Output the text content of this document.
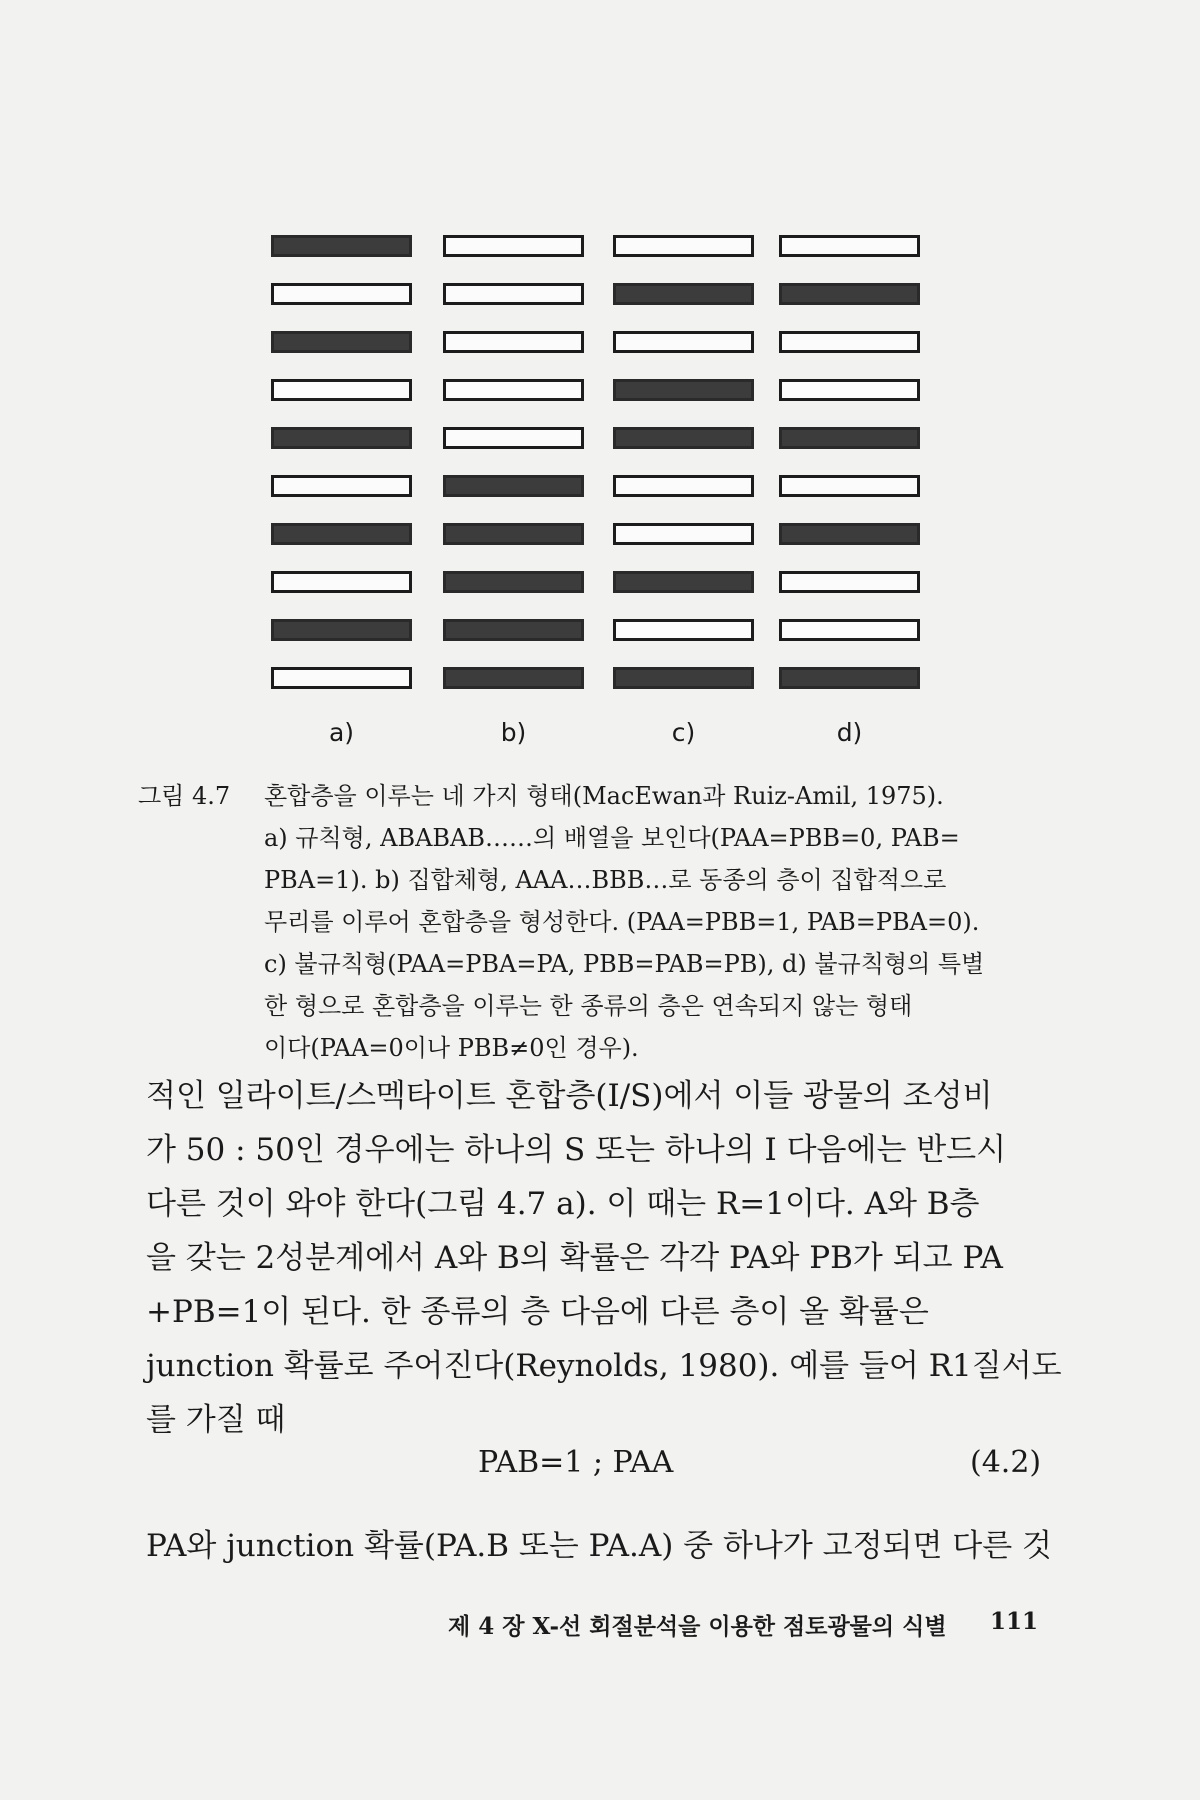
a)	b)	c)	d)
그림 4.7 혼합층을 이루는 네 가지 형태(MacEwan과 Ruiz-Amil, 1975).
a) 규칙형, ABABAB……의 배열을 보인다(PAA=PBB=0, PAB=
PBA=1). b) 집합체형, AAA…BBB…로 동종의 층이 집합적으로
무리를 이루어 혼합층을 형성한다. (PAA=PBB=1, PAB=PBA=0).
c) 불규칙형(PAA=PBA=PA, PBB=PAB=PB), d) 불규칙형의 특별
한 형으로 혼합층을 이루는 한 종류의 층은 연속되지 않는 형태
이다(PAA=0이나 PBB≠0인 경우).
적인 일라이트/스멕타이트 혼합층(I/S)에서 이들 광물의 조성비
가 50 : 50인 경우에는 하나의 S 또는 하나의 I 다음에는 반드시
다른 것이 와야 한다(그림 4.7 a). 이 때는 R=1이다. A와 B층
을 갖는 2성분계에서 A와 B의 확률은 각각 PA와 PB가 되고 PA
+PB=1이 된다. 한 종류의 층 다음에 다른 층이 올 확률은
junction 확률로 주어진다(Reynolds, 1980). 예를 들어 R1질서도
를 가질 때
PA와 junction 확률(PA.B 또는 PA.A) 중 하나가 고정되면 다른 것
PAB=1 ; PAA	(4.2)
제 4 장 X-선 회절분석을 이용한 점토광물의 식별 111
